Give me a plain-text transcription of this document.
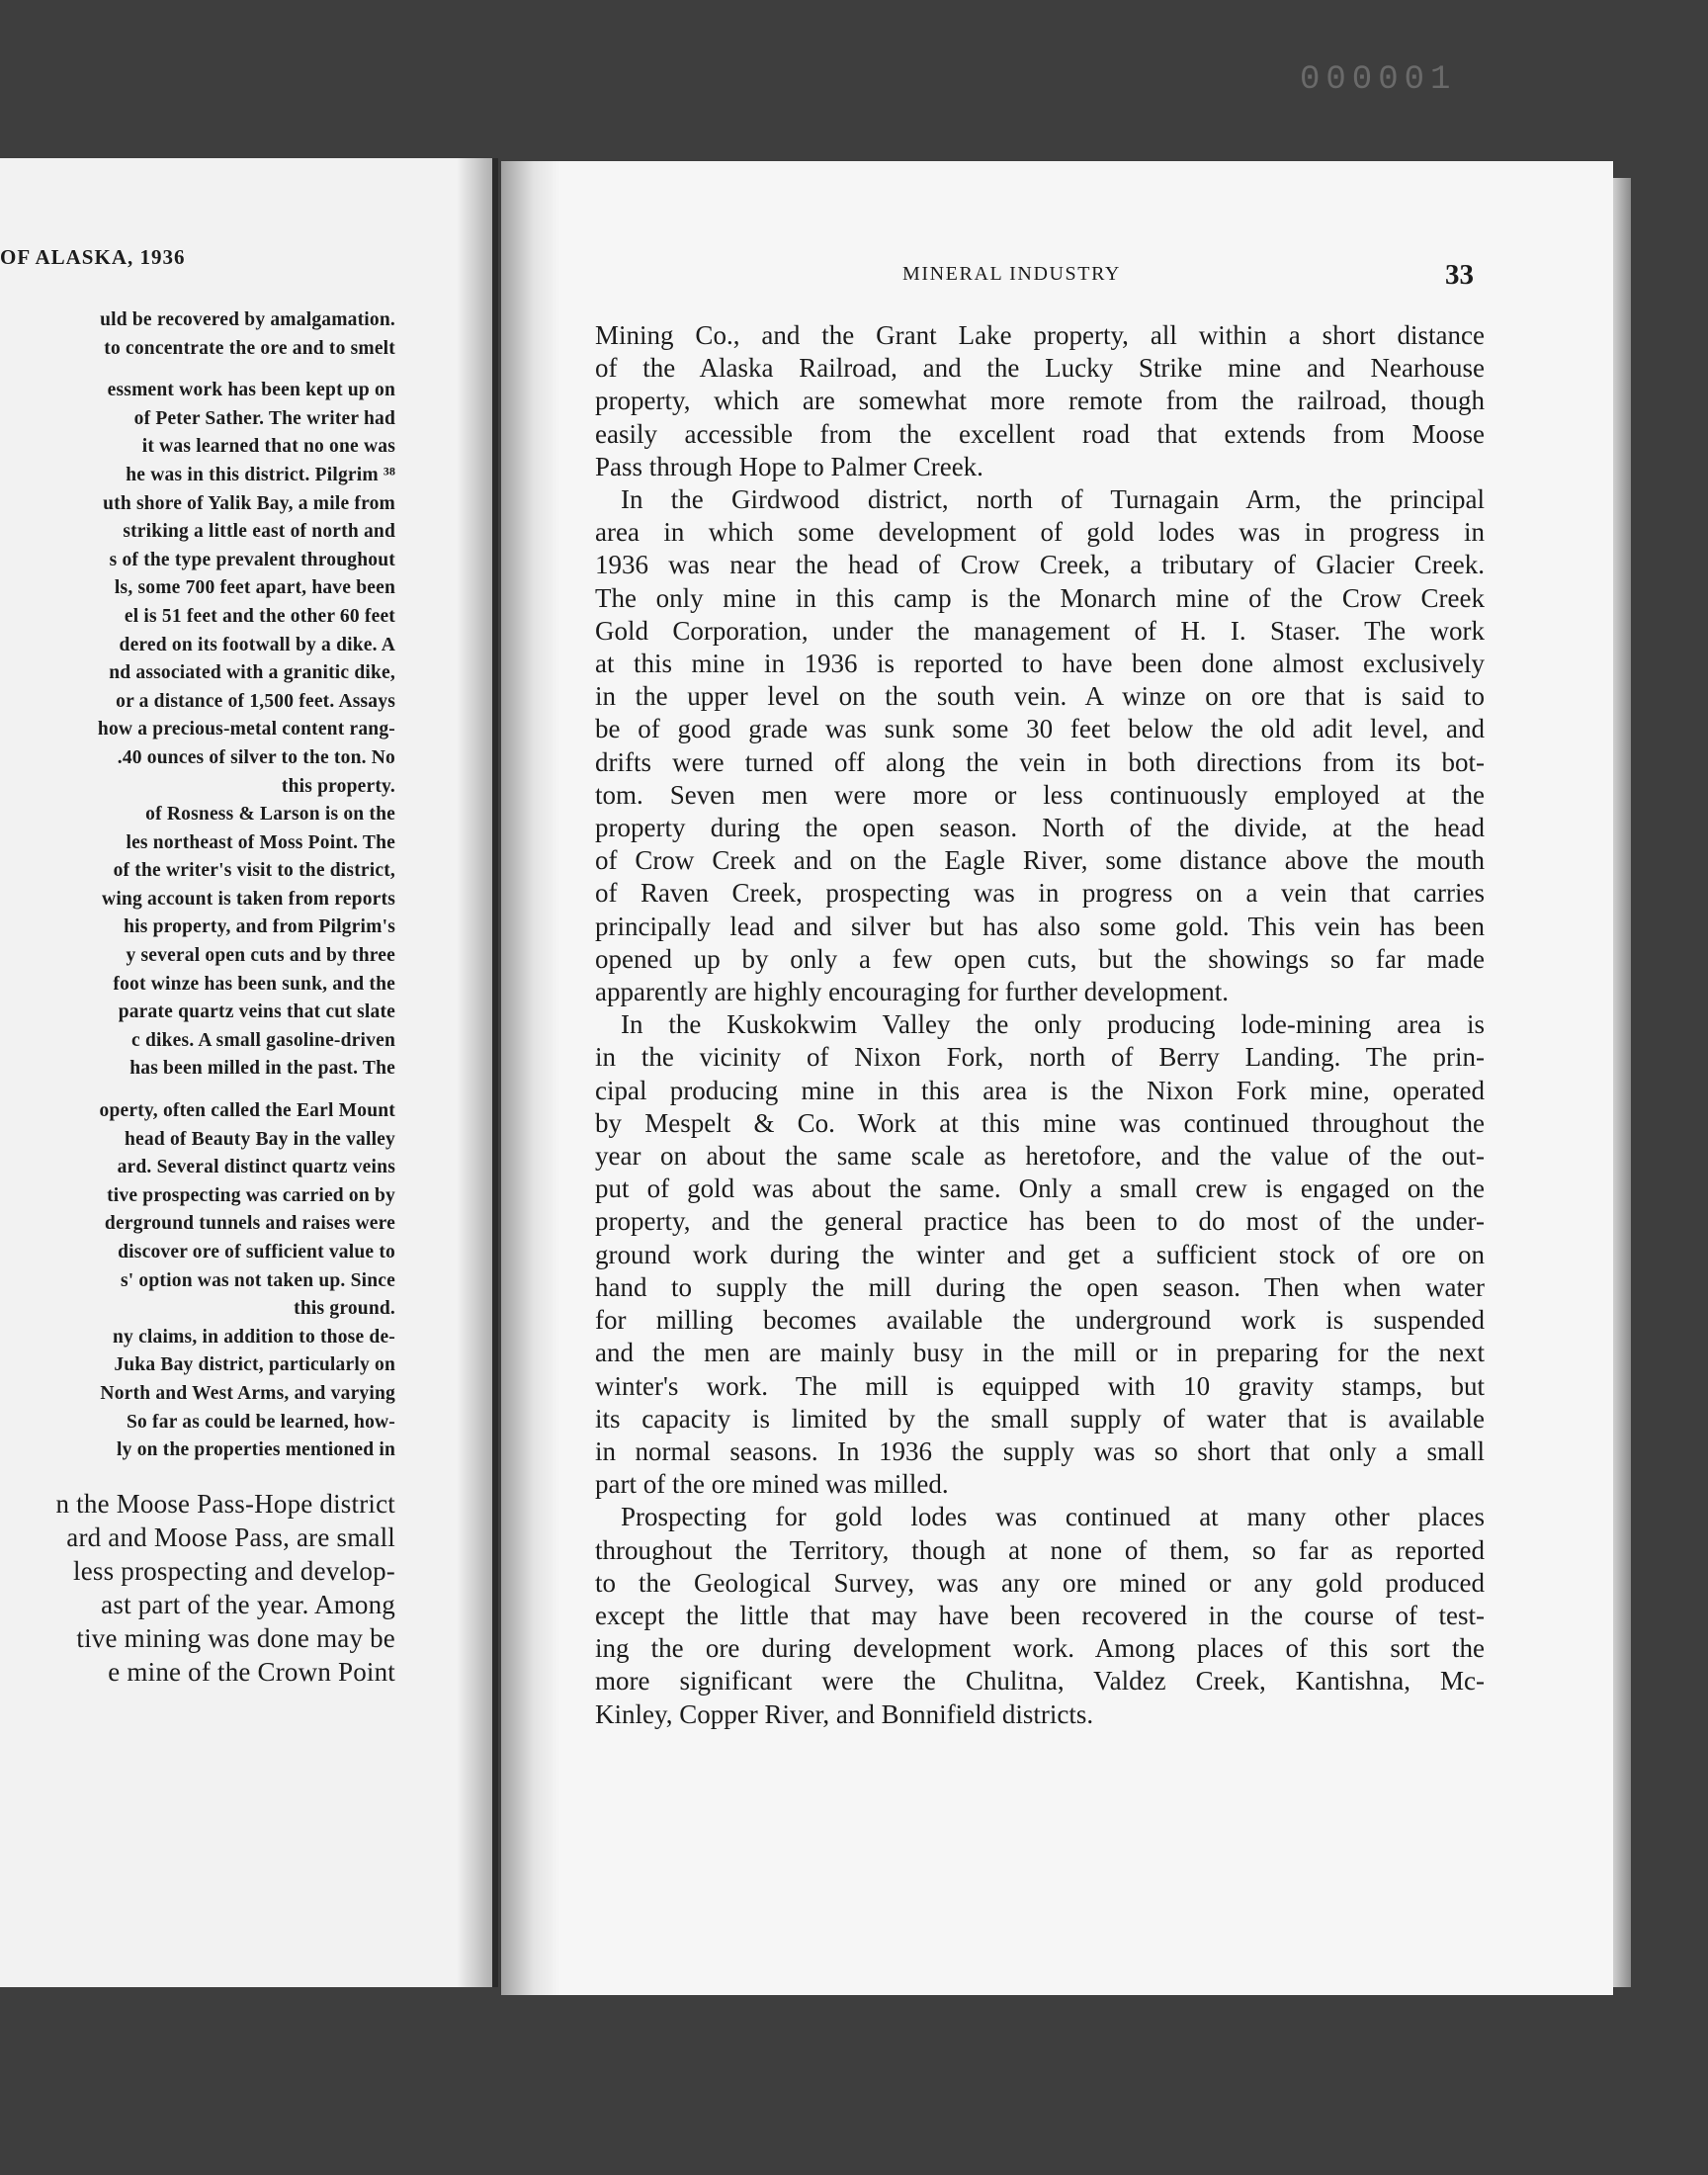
000001
OF ALASKA, 1936
uld be recovered by amalgamation.
to concentrate the ore and to smelt
essment work has been kept up on
of Peter Sather. The writer had
it was learned that no one was
he was in this district. Pilgrim ³⁸
uth shore of Yalik Bay, a mile from
striking a little east of north and
s of the type prevalent throughout
ls, some 700 feet apart, have been
el is 51 feet and the other 60 feet
dered on its footwall by a dike. A
nd associated with a granitic dike,
or a distance of 1,500 feet. Assays
how a precious-metal content rang-
.40 ounces of silver to the ton. No
this property.
of Rosness & Larson is on the
les northeast of Moss Point. The
of the writer's visit to the district,
wing account is taken from reports
his property, and from Pilgrim's
y several open cuts and by three
foot winze has been sunk, and the
parate quartz veins that cut slate
c dikes. A small gasoline-driven
has been milled in the past. The
operty, often called the Earl Mount
head of Beauty Bay in the valley
ard. Several distinct quartz veins
tive prospecting was carried on by
derground tunnels and raises were
discover ore of sufficient value to
s' option was not taken up. Since
this ground.
ny claims, in addition to those de-
Juka Bay district, particularly on
North and West Arms, and varying
So far as could be learned, how-
ly on the properties mentioned in
n the Moose Pass-Hope district
ard and Moose Pass, are small
less prospecting and develop-
ast part of the year. Among
tive mining was done may be
e mine of the Crown Point
MINERAL INDUSTRY	33
Mining Co., and the Grant Lake property, all within a short distance
of the Alaska Railroad, and the Lucky Strike mine and Nearhouse
property, which are somewhat more remote from the railroad, though
easily accessible from the excellent road that extends from Moose
Pass through Hope to Palmer Creek.
In the Girdwood district, north of Turnagain Arm, the principal
area in which some development of gold lodes was in progress in
1936 was near the head of Crow Creek, a tributary of Glacier Creek.
The only mine in this camp is the Monarch mine of the Crow Creek
Gold Corporation, under the management of H. I. Staser. The work
at this mine in 1936 is reported to have been done almost exclusively
in the upper level on the south vein. A winze on ore that is said to
be of good grade was sunk some 30 feet below the old adit level, and
drifts were turned off along the vein in both directions from its bot-
tom. Seven men were more or less continuously employed at the
property during the open season. North of the divide, at the head
of Crow Creek and on the Eagle River, some distance above the mouth
of Raven Creek, prospecting was in progress on a vein that carries
principally lead and silver but has also some gold. This vein has been
opened up by only a few open cuts, but the showings so far made
apparently are highly encouraging for further development.
In the Kuskokwim Valley the only producing lode-mining area is
in the vicinity of Nixon Fork, north of Berry Landing. The prin-
cipal producing mine in this area is the Nixon Fork mine, operated
by Mespelt & Co. Work at this mine was continued throughout the
year on about the same scale as heretofore, and the value of the out-
put of gold was about the same. Only a small crew is engaged on the
property, and the general practice has been to do most of the under-
ground work during the winter and get a sufficient stock of ore on
hand to supply the mill during the open season. Then when water
for milling becomes available the underground work is suspended
and the men are mainly busy in the mill or in preparing for the next
winter's work. The mill is equipped with 10 gravity stamps, but
its capacity is limited by the small supply of water that is available
in normal seasons. In 1936 the supply was so short that only a small
part of the ore mined was milled.
Prospecting for gold lodes was continued at many other places
throughout the Territory, though at none of them, so far as reported
to the Geological Survey, was any ore mined or any gold produced
except the little that may have been recovered in the course of test-
ing the ore during development work. Among places of this sort the
more significant were the Chulitna, Valdez Creek, Kantishna, Mc-
Kinley, Copper River, and Bonnifield districts.
